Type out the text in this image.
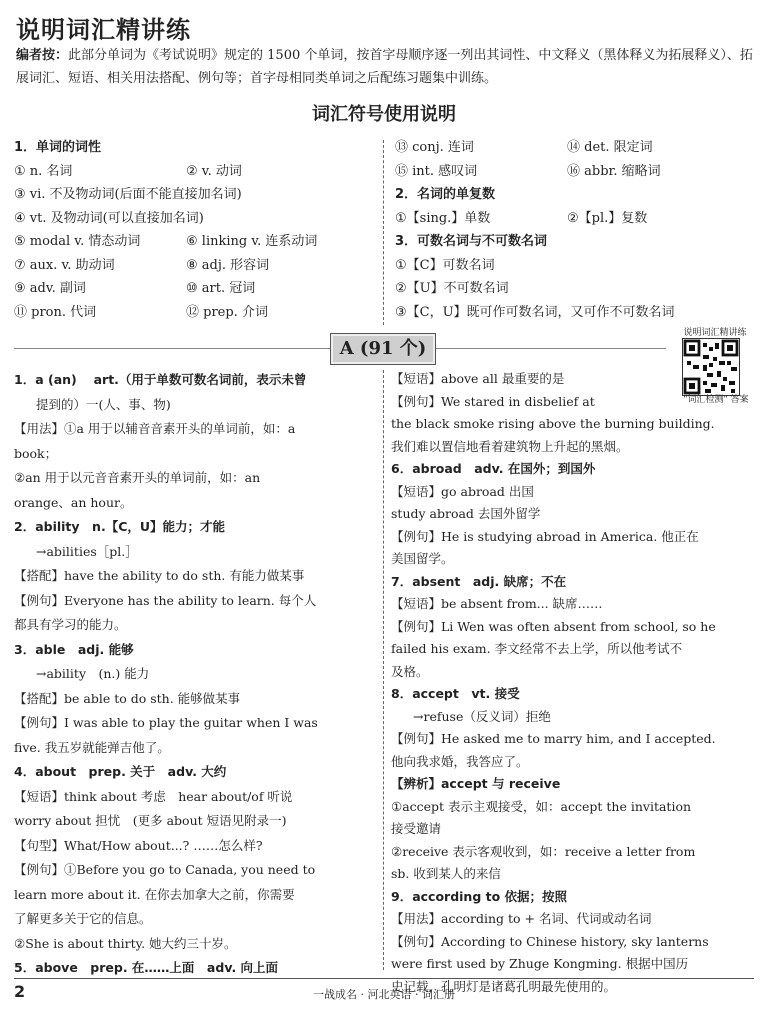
说明词汇精讲练
编者按：此部分单词为《考试说明》规定的 1500 个单词，按首字母顺序逐一列出其词性、中文释义（黑体释义为拓展释义）、拓展词汇、短语、相关用法搭配、例句等；首字母相同类单词之后配练习题集中训练。
词汇符号使用说明
1．单词的词性
① n. 名词	② v. 动词
③ vi. 不及物动词(后面不能直接加名词)
④ vt. 及物动词(可以直接加名词)
⑤ modal v. 情态动词	⑥ linking v. 连系动词
⑦ aux. v. 助动词	⑧ adj. 形容词
⑨ adv. 副词	⑩ art. 冠词
⑪ pron. 代词	⑫ prep. 介词
⑬ conj. 连词	⑭ det. 限定词
⑮ int. 感叹词	⑯ abbr. 缩略词
2．名词的单复数
①【sing.】单数	②【pl.】复数
3．可数名词与不可数名词
①【C】可数名词
②【U】不可数名词
③【C，U】既可作可数名词，又可作不可数名词
A (91 个)
说明词汇精讲练
"词汇检测" 答案

1．a (an)　 art.（用于单数可数名词前，表示未曾

提到的）一(人、事、物)

【用法】①a 用于以辅音音素开头的单词前，如：a

book；

②an 用于以元音音素开头的单词前，如：an

orange、an hour。

2．ability　n.【C，U】能力；才能

→abilities［pl.］

【搭配】have the ability to do sth. 有能力做某事

【例句】Everyone has the ability to learn. 每个人

都具有学习的能力。

3．able　adj. 能够

→ability　(n.) 能力

【搭配】be able to do sth. 能够做某事

【例句】I was able to play the guitar when I was

five. 我五岁就能弹吉他了。

4．about　prep. 关于　adv. 大约

【短语】think about 考虑　hear about/of 听说

worry about 担忧　(更多 about 短语见附录一)

【句型】What/How about...? ……怎么样?

【例句】①Before you go to Canada, you need to

learn more about it. 在你去加拿大之前，你需要

了解更多关于它的信息。

②She is about thirty. 她大约三十岁。

5．above　prep. 在……上面　adv. 向上面

【短语】above all 最重要的是

【例句】We stared in disbelief at

the black smoke rising above the burning building.

我们难以置信地看着建筑物上升起的黑烟。

6．abroad　adv. 在国外；到国外

【短语】go abroad 出国

study abroad 去国外留学

【例句】He is studying abroad in America. 他正在

美国留学。

7．absent　adj. 缺席；不在

【短语】be absent from... 缺席……

【例句】Li Wen was often absent from school, so he

failed his exam. 李文经常不去上学，所以他考试不

及格。

8．accept　vt. 接受

→refuse（反义词）拒绝

【例句】He asked me to marry him, and I accepted.

他向我求婚，我答应了。

【辨析】accept 与 receive

①accept 表示主观接受，如：accept the invitation

接受邀请

②receive 表示客观收到，如：receive a letter from

sb. 收到某人的来信

9．according to 依据；按照

【用法】according to + 名词、代词或动名词

【例句】According to Chinese history, sky lanterns

were first used by Zhuge Kongming. 根据中国历

史记载，孔明灯是诸葛孔明最先使用的。

2	一战成名 · 河北英语 · 词汇册
